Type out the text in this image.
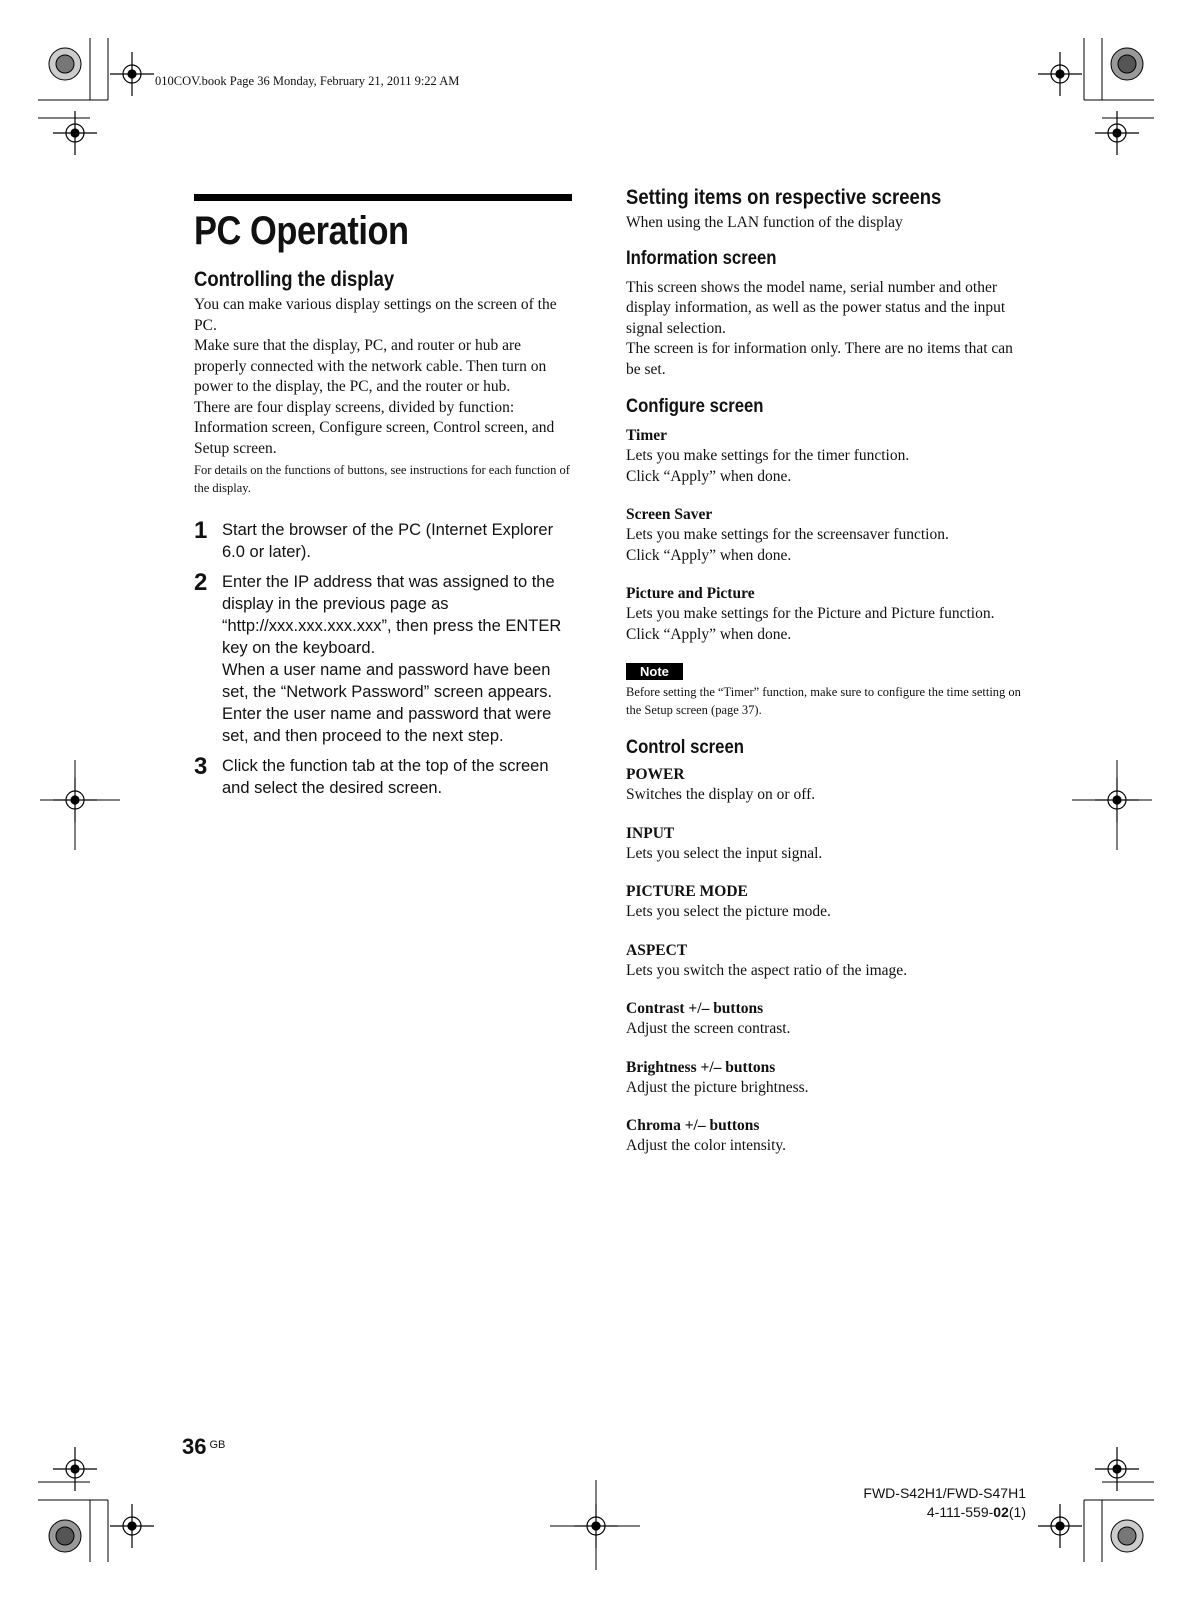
010COV.book Page 36 Monday, February 21, 2011 9:22 AM
PC Operation
Controlling the display
You can make various display settings on the screen of the PC.
Make sure that the display, PC, and router or hub are properly connected with the network cable. Then turn on power to the display, the PC, and the router or hub.
There are four display screens, divided by function: Information screen, Configure screen, Control screen, and Setup screen.
For details on the functions of buttons, see instructions for each function of the display.
1 Start the browser of the PC (Internet Explorer 6.0 or later).
2 Enter the IP address that was assigned to the display in the previous page as “http://xxx.xxx.xxx.xxx”, then press the ENTER key on the keyboard.
When a user name and password have been set, the “Network Password” screen appears. Enter the user name and password that were set, and then proceed to the next step.
3 Click the function tab at the top of the screen and select the desired screen.
Setting items on respective screens
When using the LAN function of the display
Information screen
This screen shows the model name, serial number and other display information, as well as the power status and the input signal selection.
The screen is for information only. There are no items that can be set.
Configure screen
Timer
Lets you make settings for the timer function.
Click “Apply” when done.
Screen Saver
Lets you make settings for the screensaver function.
Click “Apply” when done.
Picture and Picture
Lets you make settings for the Picture and Picture function.
Click “Apply” when done.
Note
Before setting the “Timer” function, make sure to configure the time setting on the Setup screen (page 37).
Control screen
POWER
Switches the display on or off.
INPUT
Lets you select the input signal.
PICTURE MODE
Lets you select the picture mode.
ASPECT
Lets you switch the aspect ratio of the image.
Contrast +/– buttons
Adjust the screen contrast.
Brightness +/– buttons
Adjust the picture brightness.
Chroma +/– buttons
Adjust the color intensity.
36 $^{GB}$
FWD-S42H1/FWD-S47H1
4-111-559-02(1)
